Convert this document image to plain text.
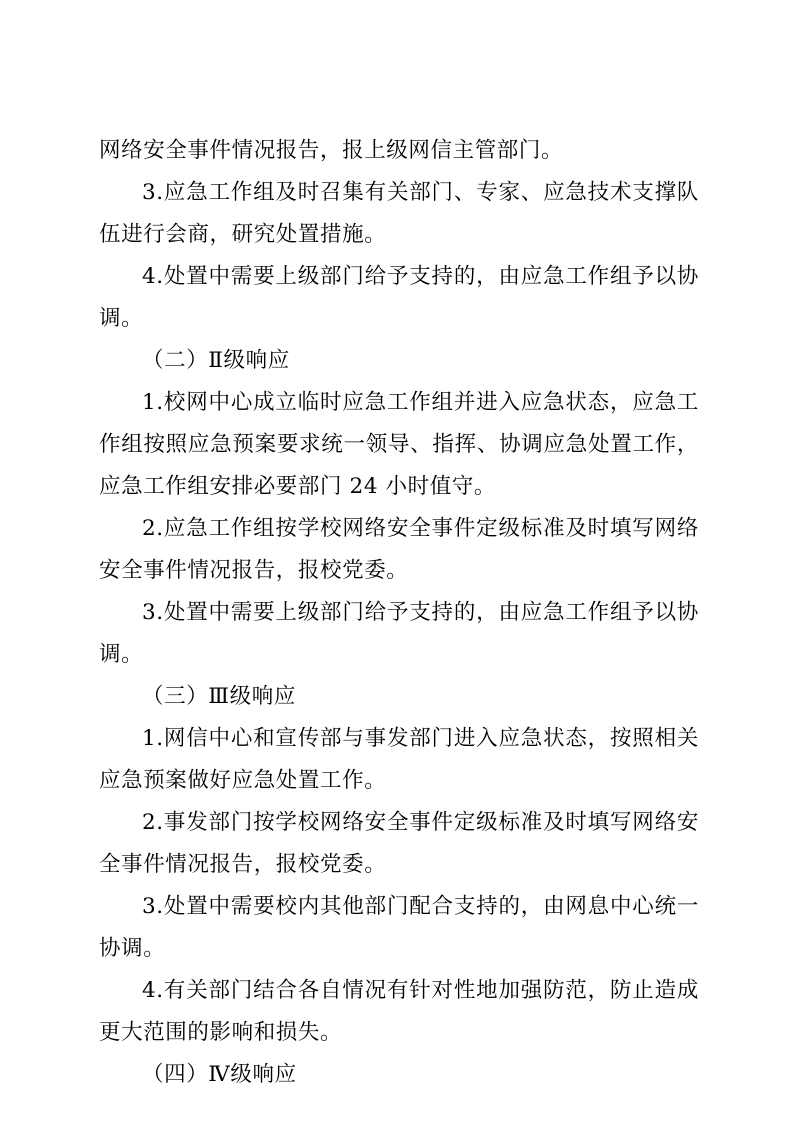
网络安全事件情况报告，报上级网信主管部门。

3.应急工作组及时召集有关部门、专家、应急技术支撑队伍进行会商，研究处置措施。

4.处置中需要上级部门给予支持的，由应急工作组予以协调。

（二）Ⅱ级响应

1.校网中心成立临时应急工作组并进入应急状态，应急工作组按照应急预案要求统一领导、指挥、协调应急处置工作，应急工作组安排必要部门 24 小时值守。

2.应急工作组按学校网络安全事件定级标准及时填写网络安全事件情况报告，报校党委。

3.处置中需要上级部门给予支持的，由应急工作组予以协调。

（三）Ⅲ级响应

1.网信中心和宣传部与事发部门进入应急状态，按照相关应急预案做好应急处置工作。

2.事发部门按学校网络安全事件定级标准及时填写网络安全事件情况报告，报校党委。

3.处置中需要校内其他部门配合支持的，由网息中心统一协调。

4.有关部门结合各自情况有针对性地加强防范，防止造成更大范围的影响和损失。

（四）Ⅳ级响应
